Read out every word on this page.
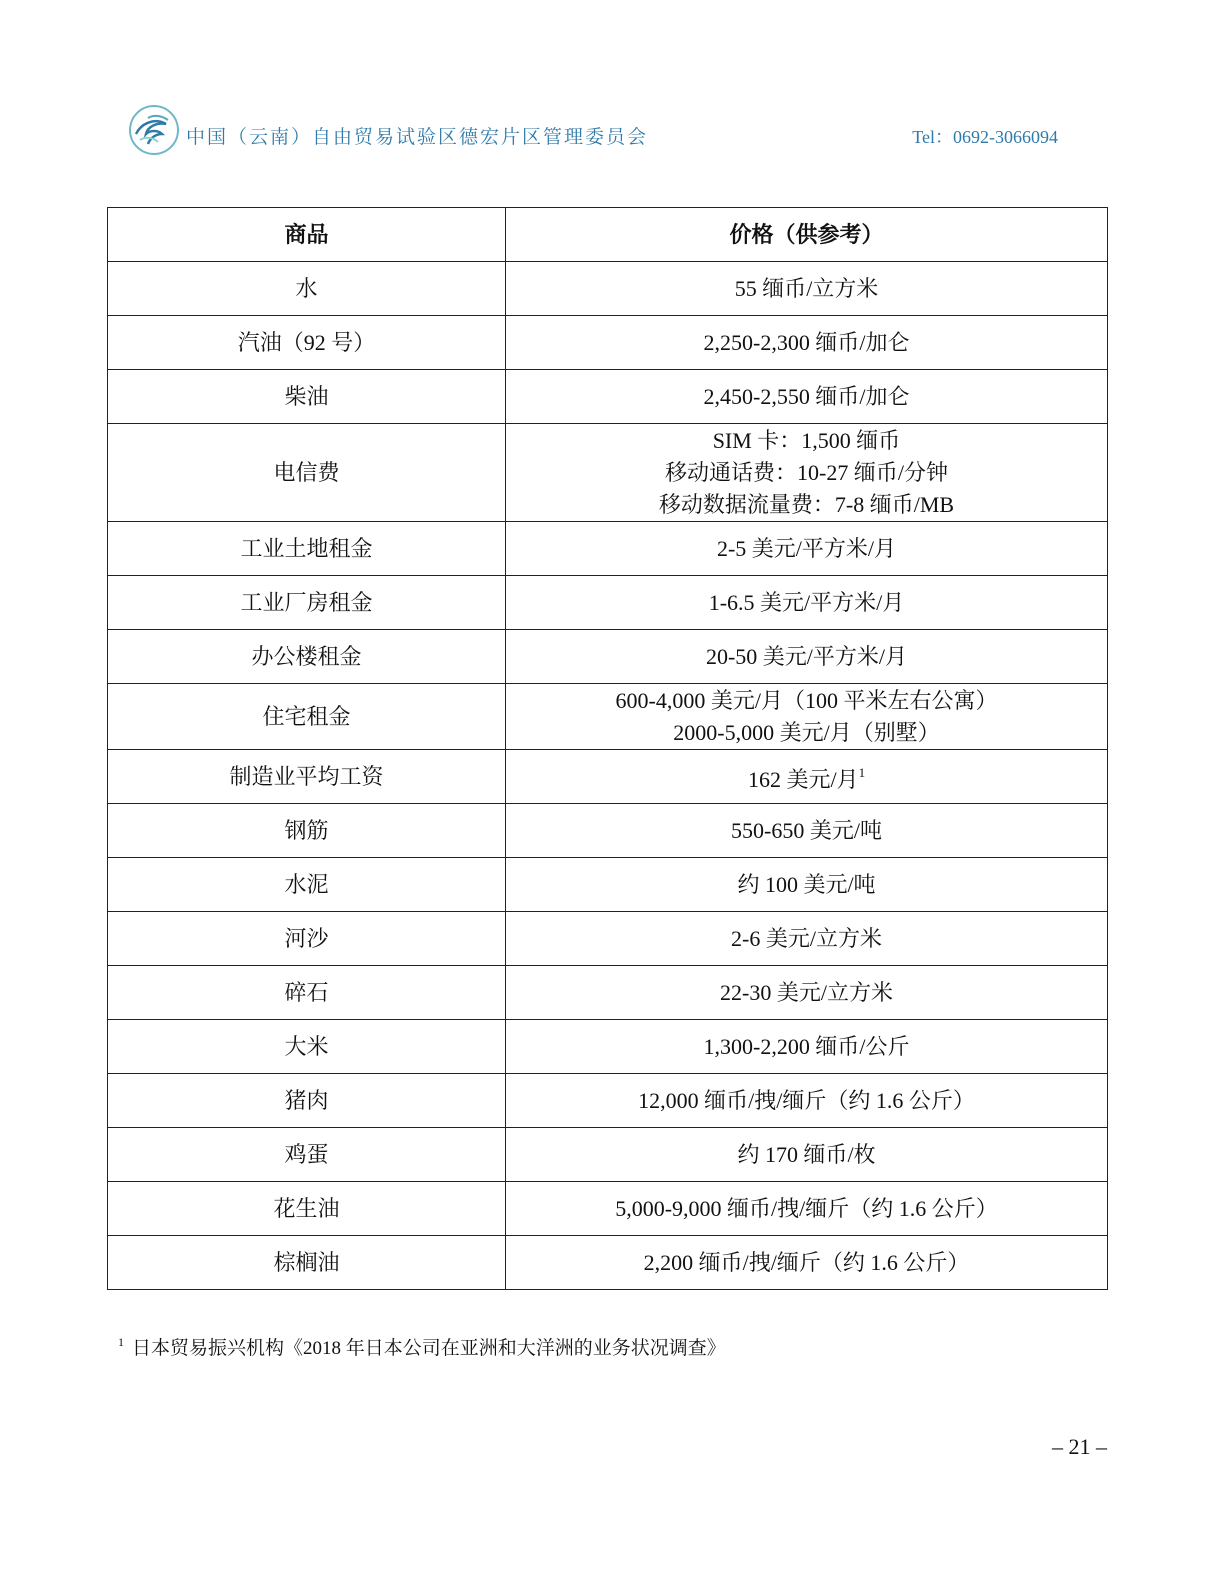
中国（云南）自由贸易试验区德宏片区管理委员会	Tel：0692-3066094
商品	价格（供参考）
水	55 缅币/立方米

汽油（92 号）	2,250-2,300 缅币/加仑

柴油	2,450-2,550 缅币/加仑

电信费	SIM 卡：1,500 缅币
移动通话费：10-27 缅币/分钟
移动数据流量费：7-8 缅币/MB

工业土地租金	2-5 美元/平方米/月

工业厂房租金	1-6.5 美元/平方米/月

办公楼租金	20-50 美元/平方米/月

住宅租金	600-4,000 美元/月（100 平米左右公寓）
2000-5,000 美元/月（别墅）

制造业平均工资	162 美元/月$^1$

钢筋	550-650 美元/吨

水泥	约 100 美元/吨

河沙	2-6 美元/立方米

碎石	22-30 美元/立方米

大米	1,300-2,200 缅币/公斤

猪肉	12,000 缅币/拽/缅斤（约 1.6 公斤）

鸡蛋	约 170 缅币/枚

花生油	5,000-9,000 缅币/拽/缅斤（约 1.6 公斤）

棕榈油	2,200 缅币/拽/缅斤（约 1.6 公斤）
$^1$ 日本贸易振兴机构《2018 年日本公司在亚洲和大洋洲的业务状况调查》
– 21 –
